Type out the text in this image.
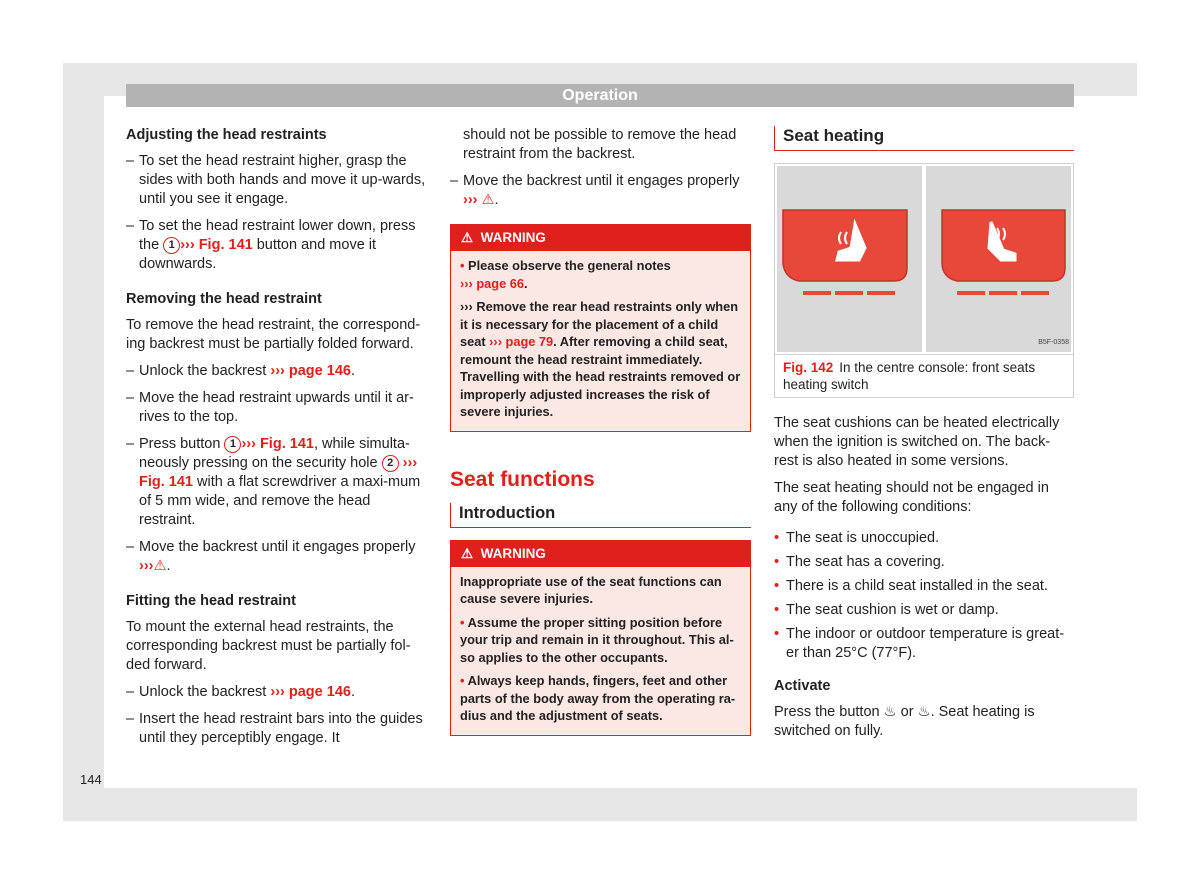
Operation
Adjusting the head restraints
– To set the head restraint higher, grasp the sides with both hands and move it up-wards, until you see it engage.
– To set the head restraint lower down, press the 1 ››› Fig. 141 button and move it downwards.
Removing the head restraint

To remove the head restraint, the correspond-ing backrest must be partially folded forward.

– Unlock the backrest ››› page 146.
– Move the head restraint upwards until it ar-rives to the top.
– Press button 1 ››› Fig. 141, while simulta-neously pressing on the security hole 2 ››› Fig. 141 with a flat screwdriver a maxi-mum of 5 mm wide, and remove the head restraint.
– Move the backrest until it engages properly
›››⚠.
Fitting the head restraint

To mount the external head restraints, the corresponding backrest must be partially fol-ded forward.

– Unlock the backrest ››› page 146.
– Insert the head restraint bars into the guides until they perceptibly engage. It

should not be possible to remove the head restraint from the backrest.

– Move the backrest until it engages properly
››› ⚠.
⚠ WARNING

• Please observe the general notes
››› page 66.

››› Remove the rear head restraints only when it is necessary for the placement of a child seat ››› page 79. After removing a child seat, remount the head restraint immediately. Travelling with the head restraints removed or improperly adjusted increases the risk of severe injuries.

Seat functions
Introduction
⚠ WARNING

Inappropriate use of the seat functions can cause severe injuries.

• Assume the proper sitting position before your trip and remain in it throughout. This al-so applies to the other occupants.

• Always keep hands, fingers, feet and other parts of the body away from the operating ra-dius and the adjustment of seats.

Seat heating
B5F-0358
Fig. 142 In the centre console: front seats heating switch

The seat cushions can be heated electrically when the ignition is switched on. The back-rest is also heated in some versions.

The seat heating should not be engaged in any of the following conditions:

• The seat is unoccupied.
• The seat has a covering.
• There is a child seat installed in the seat.
• The seat cushion is wet or damp.
• The indoor or outdoor temperature is great-er than 25°C (77°F).
Activate

Press the button ♨ or ♨. Seat heating is switched on fully.

144
